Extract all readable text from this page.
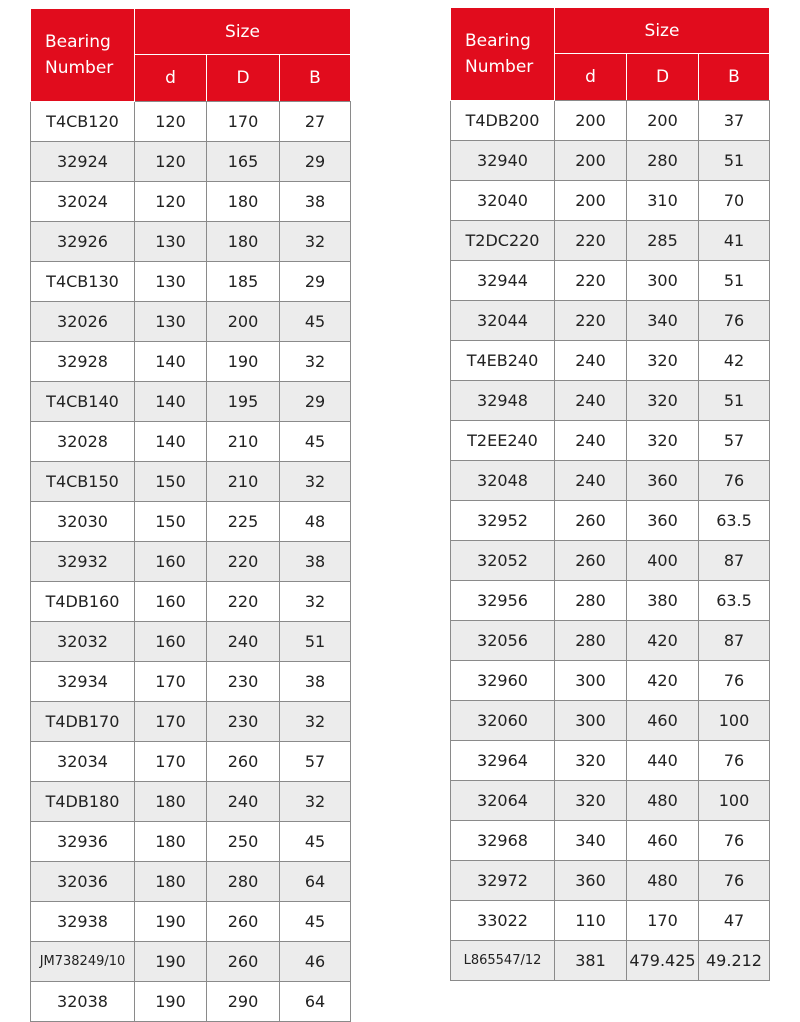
Bearing
Number	Size		
	d	D	B
T4CB120	120	170	27
32924	120	165	29
32024	120	180	38
32926	130	180	32
T4CB130	130	185	29
32026	130	200	45
32928	140	190	32
T4CB140	140	195	29
32028	140	210	45
T4CB150	150	210	32
32030	150	225	48
32932	160	220	38
T4DB160	160	220	32
32032	160	240	51
32934	170	230	38
T4DB170	170	230	32
32034	170	260	57
T4DB180	180	240	32
32936	180	250	45
32036	180	280	64
32938	190	260	45
JM738249/10	190	260	46
32038	190	290	64
Bearing
Number	Size		
	d	D	B
T4DB200	200	200	37
32940	200	280	51
32040	200	310	70
T2DC220	220	285	41
32944	220	300	51
32044	220	340	76
T4EB240	240	320	42
32948	240	320	51
T2EE240	240	320	57
32048	240	360	76
32952	260	360	63.5
32052	260	400	87
32956	280	380	63.5
32056	280	420	87
32960	300	420	76
32060	300	460	100
32964	320	440	76
32064	320	480	100
32968	340	460	76
32972	360	480	76
33022	110	170	47
L865547/12	381	479.425	49.212
